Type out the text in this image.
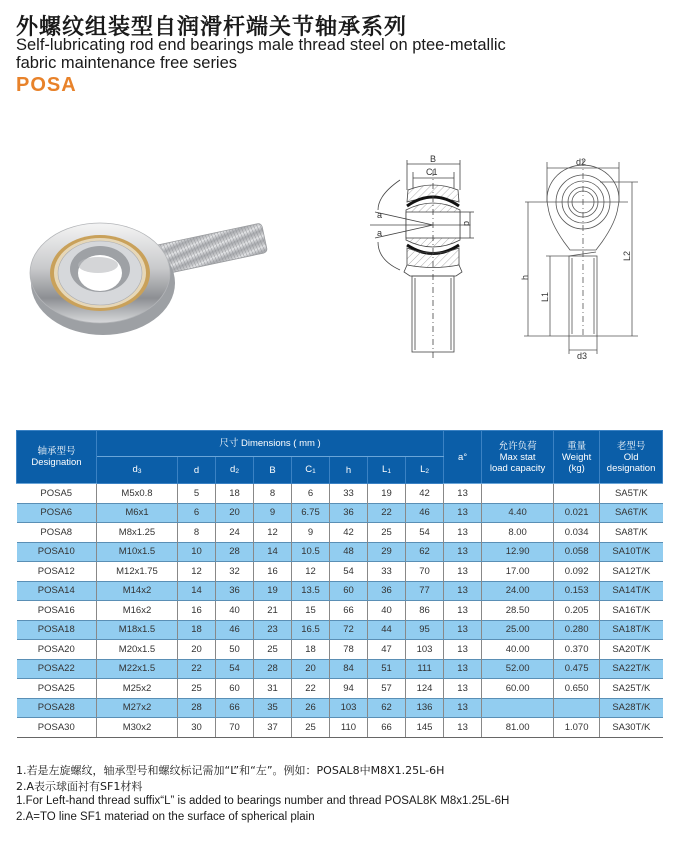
外螺纹组装型自润滑杆端关节轴承系列
Self-lubricating rod end bearings male thread steel on ptee-metallic
fabric maintenance free series
POSA
B
C1
a
a
d
d2
h
L1
L2
d3
轴承型号
Designation
	尺寸 Dimensions ( mm )	a°	
允许负荷
Max stat
load capacity

重量
Weight
(kg)

老型号
Old
designation

	$d_3$	d	$d_2$	B	$C_1$	h	$L_1$	$L_2$
POSA5	M5x0.8	5	18	8	6	33	19	42	13			SA5T/K
POSA6	M6x1	6	20	9	6.75	36	22	46	13	4.40	0.021	SA6T/K
POSA8	M8x1.25	8	24	12	9	42	25	54	13	8.00	0.034	SA8T/K
POSA10	M10x1.5	10	28	14	10.5	48	29	62	13	12.90	0.058	SA10T/K
POSA12	M12x1.75	12	32	16	12	54	33	70	13	17.00	0.092	SA12T/K
POSA14	M14x2	14	36	19	13.5	60	36	77	13	24.00	0.153	SA14T/K
POSA16	M16x2	16	40	21	15	66	40	86	13	28.50	0.205	SA16T/K
POSA18	M18x1.5	18	46	23	16.5	72	44	95	13	25.00	0.280	SA18T/K
POSA20	M20x1.5	20	50	25	18	78	47	103	13	40.00	0.370	SA20T/K
POSA22	M22x1.5	22	54	28	20	84	51	111	13	52.00	0.475	SA22T/K
POSA25	M25x2	25	60	31	22	94	57	124	13	60.00	0.650	SA25T/K
POSA28	M27x2	28	66	35	26	103	62	136	13			SA28T/K
POSA30	M30x2	30	70	37	25	110	66	145	13	81.00	1.070	SA30T/K
1.若是左旋螺纹，轴承型号和螺纹标记需加“L”和“左”。例如：POSAL8中M8X1.25L-6H
2.A表示球面衬有SF1材料
1.For Left-hand thread suffix“L” is added to bearings number and thread POSAL8K M8x1.25L-6H
2.A=TO line SF1 materiad on the surface of spherical plain
